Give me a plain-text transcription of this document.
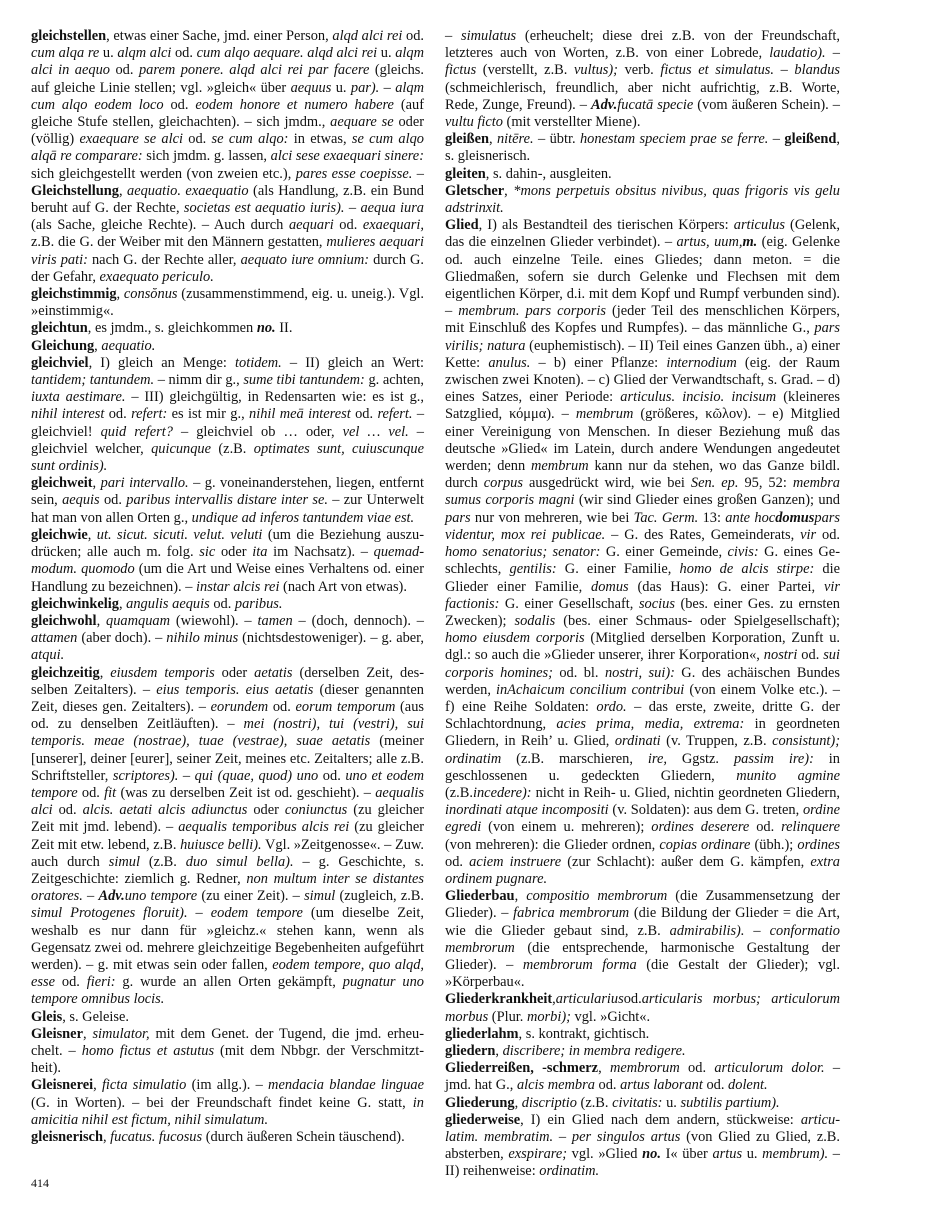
gleichstellen, etwas einer Sache, jmd. einer Person, alqd alci rei od. cum alqa re u. alqm alci od. cum alqo aequare. alqd alci rei u. alqm alci in aequo od. parem ponere. alqd alci rei par facere (gleichs. auf gleiche Linie stellen; vgl. »gleich« über aequus u. par). – alqm cum alqo eodem loco od. eodem honore et numero habere (auf gleiche Stufe stellen, gleichachten). – sich jmdm., aequare se oder (völlig) exaequare se alci od. se cum alqo: in etwas, se cum alqo alqā re comparare: sich jmdm. g. lassen, alci sese exaequari sinere: sich gleichgestellt werden (von zweien etc.), pares esse coepisse. – Gleichstellung, aequatio. exaequatio (als Handlung, z.B. ein Bund beruht auf G. der Rechte, societas est aequatio iuris). – aequa iura (als Sache, gleiche Rechte). – Auch durch aequari od. exaequari, z.B. die G. der Weiber mit den Männern gestatten, mulieres aequari viris pati: nach G. der Rechte aller, aequato iure omnium: durch G. der Gefahr, exaequato periculo.

gleichstimmig, consŏnus (zusammenstimmend, eig. u. uneig.). Vgl. »einstimmig«.

gleichtun, es jmdm., s. gleichkommen no. II.

Gleichung, aequatio.

gleichviel, I) gleich an Menge: totidem. – II) gleich an Wert: tantidem; tantundem. – nimm dir g., sume tibi tantundem: g. achten, iuxta aestimare. – III) gleichgültig, in Redensarten wie: es ist g., nihil interest od. refert: es ist mir g., nihil meā interest od. refert. – gleichviel! quid refert? – gleichviel ob … oder, vel … vel. – gleichviel welcher, quicunque (z.B. optimates sunt, cuiuscunque sunt ordinis).

gleichweit, pari intervallo. – g. voneinanderstehen, liegen, entfernt sein, aequis od. paribus intervallis distare inter se. – zur Unterwelt hat man von allen Orten g., undique ad inferos tantundem viae est.

gleichwie, ut. sicut. sicuti. velut. veluti (um die Beziehung auszudrücken; alle auch m. folg. sic oder ita im Nachsatz). – quemadmodum. quomodo (um die Art und Weise eines Verhaltens od. einer Handlung zu bezeichnen). – instar alcis rei (nach Art von etwas).

gleichwinkelig, angulis aequis od. paribus.

gleichwohl, quamquam (wiewohl). – tamen – (doch, dennoch). – attamen (aber doch). – nihilo minus (nichtsdestoweniger). – g. aber, atqui.

gleichzeitig, eiusdem temporis oder aetatis (derselben Zeit, desselben Zeitalters). – eius temporis. eius aetatis (dieser genannten Zeit, dieses gen. Zeitalters). – eorundem od. eorum temporum (aus od. zu denselben Zeitläuften). – mei (nostri), tui (vestri), sui temporis. meae (nostrae), tuae (vestrae), suae aetatis (meiner [unserer], deiner [eurer], seiner Zeit, meines etc. Zeitalters; alle z.B. Schriftsteller, scriptores). – qui (quae, quod) uno od. uno et eodem tempore od. fit (was zu derselben Zeit ist od. geschieht). – aequalis alci od. alcis. aetati alcis adiunctus oder coniunctus (zu gleicher Zeit mit jmd. lebend). – aequalis temporibus alcis rei (zu gleicher Zeit mit etw. lebend, z.B. huiusce belli). Vgl. »Zeitgenosse«. – Zuw. auch durch simul (z.B. duo simul bella). – g. Geschichte, s. Zeitgeschichte: ziemlich g. Redner, non multum inter se distantes oratores. – Adv.uno tempore (zu einer Zeit). – simul (zugleich, z.B. simul Protogenes floruit). – eodem tempore (um dieselbe Zeit, weshalb es nur dann für »gleichz.« stehen kann, wenn als Gegensatz zwei od. mehrere gleichzeitige Begebenheiten aufgeführt werden). – g. mit etwas sein oder fallen, eodem tempore, quo alqd, esse od. fieri: g. wurde an allen Orten gekämpft, pugnatur uno tempore omnibus locis.

Gleis, s. Geleise.

Gleisner, simulator, mit dem Genet. der Tugend, die jmd. erheuchelt. – homo fictus et astutus (mit dem Nbbgr. der Verschmitztheit).

Gleisnerei, ficta simulatio (im allg.). – mendacia blandae linguae (G. in Worten). – bei der Freundschaft findet keine G. statt, in amicitia nihil est fictum, nihil simulatum.

gleisnerisch, fucatus. fucosus (durch äußeren Schein täuschend).

– simulatus (erheuchelt; diese drei z.B. von der Freundschaft, letzteres auch von Worten, z.B. von einer Lobrede, laudatio). – fictus (verstellt, z.B. vultus); verb. fictus et simulatus. – blandus (schmeichlerisch, freundlich, aber nicht aufrichtig, z.B. Worte, Rede, Zunge, Freund). – Adv.fucatā specie (vom äußeren Schein). – vultu ficto (mit verstellter Miene).

gleißen, nitēre. – übtr. honestam speciem prae se ferre. – gleißend, s. gleisnerisch.

gleiten, s. dahin-, ausgleiten.

Gletscher, *mons perpetuis obsitus nivibus, quas frigoris vis gelu adstrinxit.

Glied, I) als Bestandteil des tierischen Körpers: articulus (Gelenk, das die einzelnen Glieder verbindet). – artus, uum,m. (eig. Gelenke od. auch einzelne Teile. eines Gliedes; dann meton. = die Gliedmaßen, sofern sie durch Gelenke und Flechsen mit dem eigentlichen Körper, d.i. mit dem Kopf und Rumpf verbunden sind). – membrum. pars corporis (jeder Teil des menschlichen Körpers, mit Einschluß des Kopfes und Rumpfes). – das männliche G., pars virilis; natura (euphemistisch). – II) Teil eines Ganzen übh., a) einer Kette: anulus. – b) einer Pflanze: internodium (eig. der Raum zwischen zwei Knoten). – c) Glied der Verwandtschaft, s. Grad. – d) eines Satzes, einer Periode: articulus. incisio. incisum (kleineres Satzglied, κόμμα). – membrum (größeres, κῶλον). – e) Mitglied einer Vereinigung von Menschen. In dieser Beziehung muß das deutsche »Glied« im Latein, durch andere Wendungen angedeutet werden; denn membrum kann nur da stehen, wo das Ganze bildl. durch corpus ausgedrückt wird, wie bei Sen. ep. 95, 52: membra sumus corporis magni (wir sind Glieder eines großen Ganzen); und pars nur von mehreren, wie bei Tac. Germ. 13: ante hocdomuspars videntur, mox rei publicae. – G. des Rates, Gemeinderats, vir od. homo senatorius; senator: G. einer Gemeinde, civis: G. eines Geschlechts, gentilis: G. einer Familie, homo de alcis stirpe: die Glieder einer Familie, domus (das Haus): G. einer Partei, vir factionis: G. einer Gesellschaft, socius (bes. einer Ges. zu ernsten Zwecken); sodalis (bes. einer Schmaus- oder Spielgesellschaft); homo eiusdem corporis (Mitglied derselben Korporation, Zunft u. dgl.: so auch die »Glieder unserer, ihrer Korporation«, nostri od. sui corporis homines; od. bl. nostri, sui): G. des achäischen Bundes werden, inAchaicum concilium contribui (von einem Volke etc.). – f) eine Reihe Soldaten: ordo. – das erste, zweite, dritte G. der Schlachtordnung, acies prima, media, extrema: in geordneten Gliedern, in Reih’ u. Glied, ordinati (v. Truppen, z.B. consistunt); ordinatim (z.B. marschieren, ire, Ggstz. passim ire): in geschlossenen u. gedeckten Gliedern, munito agmine (z.B.incedere): nicht in Reih- u. Glied, nichtin geordneten Gliedern, inordinati atque incompositi (v. Soldaten): aus dem G. treten, ordine egredi (von einem u. mehreren); ordines deserere od. relinquere (von mehreren): die Glieder ordnen, copias ordinare (übh.); ordines od. aciem instruere (zur Schlacht): außer dem G. kämpfen, extra ordinem pugnare.

Gliederbau, compositio membrorum (die Zusammensetzung der Glieder). – fabrica membrorum (die Bildung der Glieder = die Art, wie die Glieder gebaut sind, z.B. admirabilis). – conformatio membrorum (die entsprechende, harmonische Gestaltung der Glieder). – membrorum forma (die Gestalt der Glieder); vgl. »Körperbau«.

Gliederkrankheit,articulariusod.articularis morbus; articulorum morbus (Plur. morbi); vgl. »Gicht«.

gliederlahm, s. kontrakt, gichtisch.

gliedern, discribere; in membra redigere.

Gliederreißen, -schmerz, membrorum od. articulorum dolor. – jmd. hat G., alcis membra od. artus laborant od. dolent.

Gliederung, discriptio (z.B. civitatis: u. subtilis partium).

gliederweise, I) ein Glied nach dem andern, stückweise: articulatim. membratim. – per singulos artus (von Glied zu Glied, z.B. absterben, exspirare; vgl. »Glied no. I« über artus u. membrum). – II) reihenweise: ordinatim.

414
